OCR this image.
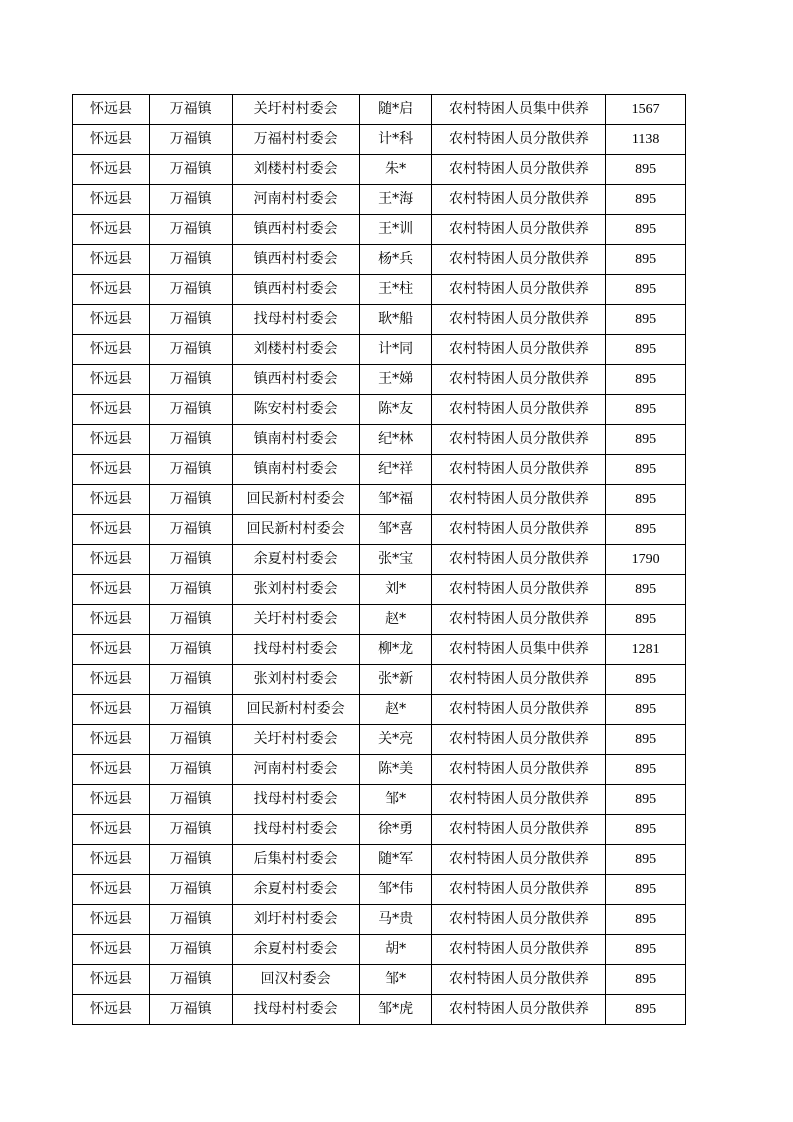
怀远县	万福镇	关圩村村委会	随*启	农村特困人员集中供养	1567
怀远县	万福镇	万福村村委会	计*科	农村特困人员分散供养	1138
怀远县	万福镇	刘楼村村委会	朱*	农村特困人员分散供养	895
怀远县	万福镇	河南村村委会	王*海	农村特困人员分散供养	895
怀远县	万福镇	镇西村村委会	王*训	农村特困人员分散供养	895
怀远县	万福镇	镇西村村委会	杨*兵	农村特困人员分散供养	895
怀远县	万福镇	镇西村村委会	王*柱	农村特困人员分散供养	895
怀远县	万福镇	找母村村委会	耿*船	农村特困人员分散供养	895
怀远县	万福镇	刘楼村村委会	计*同	农村特困人员分散供养	895
怀远县	万福镇	镇西村村委会	王*娣	农村特困人员分散供养	895
怀远县	万福镇	陈安村村委会	陈*友	农村特困人员分散供养	895
怀远县	万福镇	镇南村村委会	纪*林	农村特困人员分散供养	895
怀远县	万福镇	镇南村村委会	纪*祥	农村特困人员分散供养	895
怀远县	万福镇	回民新村村委会	邹*福	农村特困人员分散供养	895
怀远县	万福镇	回民新村村委会	邹*喜	农村特困人员分散供养	895
怀远县	万福镇	余夏村村委会	张*宝	农村特困人员分散供养	1790
怀远县	万福镇	张刘村村委会	刘*	农村特困人员分散供养	895
怀远县	万福镇	关圩村村委会	赵*	农村特困人员分散供养	895
怀远县	万福镇	找母村村委会	柳*龙	农村特困人员集中供养	1281
怀远县	万福镇	张刘村村委会	张*新	农村特困人员分散供养	895
怀远县	万福镇	回民新村村委会	赵*	农村特困人员分散供养	895
怀远县	万福镇	关圩村村委会	关*亮	农村特困人员分散供养	895
怀远县	万福镇	河南村村委会	陈*美	农村特困人员分散供养	895
怀远县	万福镇	找母村村委会	邹*	农村特困人员分散供养	895
怀远县	万福镇	找母村村委会	徐*勇	农村特困人员分散供养	895
怀远县	万福镇	后集村村委会	随*军	农村特困人员分散供养	895
怀远县	万福镇	余夏村村委会	邹*伟	农村特困人员分散供养	895
怀远县	万福镇	刘圩村村委会	马*贵	农村特困人员分散供养	895
怀远县	万福镇	余夏村村委会	胡*	农村特困人员分散供养	895
怀远县	万福镇	回汉村委会	邹*	农村特困人员分散供养	895
怀远县	万福镇	找母村村委会	邹*虎	农村特困人员分散供养	895
